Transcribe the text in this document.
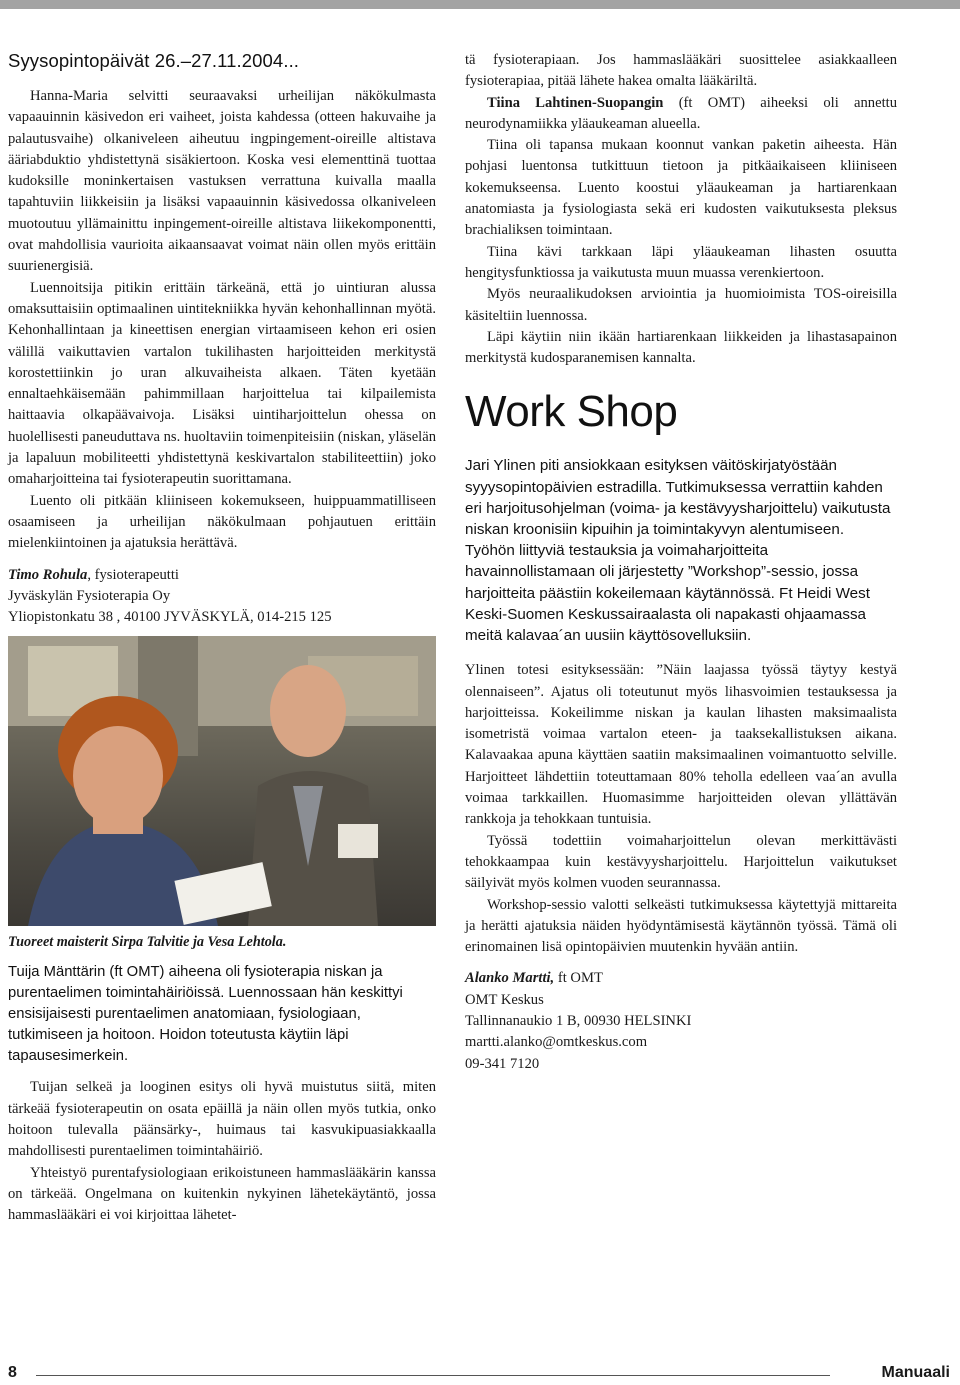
Syysopintopäivät 26.–27.11.2004...

Hanna-Maria selvitti seuraavaksi urheilijan näkökulmasta vapaauinnin käsivedon eri vaiheet, joista kahdessa (otteen hakuvaihe ja palautusvaihe) olkaniveleen aiheutuu ingpingement-oireille altistava ääriabduktio yhdistettynä sisäkiertoon. Koska vesi elementtinä tuottaa kudoksille moninkertaisen vastuksen verrattuna kuivalla maalla tapahtuviin liikkeisiin ja lisäksi vapaauinnin käsivedossa olkaniveleen muotoutuu yllämainittu inpingement-oireille altistava liikekomponentti, ovat mahdollisia vaurioita aikaansaavat voimat näin ollen myös erittäin suurienergisiä.

Luennoitsija pitikin erittäin tärkeänä, että jo uintiuran alussa omaksuttaisiin optimaalinen uintitekniikka hyvän kehonhallinnan myötä. Kehonhallintaan ja kineettisen energian virtaamiseen kehon eri osien välillä vaikuttavien vartalon tukilihasten harjoitteiden merkitystä korostettiinkin jo uran alkuvaiheista alkaen. Täten kyetään ennaltaehkäisemään pahimmillaan harjoittelua tai kilpailemista haittaavia olkapäävaivoja. Lisäksi uintiharjoittelun ohessa on huolellisesti paneuduttava ns. huoltaviin toimenpiteisiin (niskan, yläselän ja lapaluun mobiliteetti yhdistettynä keskivartalon stabiliteettiin) joko omaharjoitteina tai fysioterapeutin suorittamana.

Luento oli pitkään kliiniseen kokemukseen, huippuammatilliseen osaamiseen ja urheilijan näkökulmaan pohjautuen erittäin mielenkiintoinen ja ajatuksia herättävä.

Timo Rohula, fysioterapeutti
Jyväskylän Fysioterapia Oy
Yliopistonkatu 38 , 40100 JYVÄSKYLÄ, 014-215 125
Tuoreet maisterit Sirpa Talvitie ja Vesa Lehtola.
Tuija Mänttärin (ft OMT) aiheena oli fysioterapia niskan ja purentaelimen toimintahäiriöissä. Luennossaan hän keskittyi ensisijaisesti purentaelimen anatomiaan, fysiologiaan, tutkimiseen ja hoitoon. Hoidon toteutusta käytiin läpi tapausesimerkein.

Tuijan selkeä ja looginen esitys oli hyvä muistutus siitä, miten tärkeää fysioterapeutin on osata epäillä ja näin ollen myös tutkia, onko hoitoon tulevalla päänsärky-, huimaus tai kasvukipuasiakkaalla mahdollisesti purentaelimen toimintahäiriö.

Yhteistyö purentafysiologiaan erikoistuneen hammaslääkärin kanssa on tärkeää. Ongelmana on kuitenkin nykyinen lähetekäytäntö, jossa hammaslääkäri ei voi kirjoittaa lähetet-

tä fysioterapiaan. Jos hammaslääkäri suosittelee asiakkaalleen fysioterapiaa, pitää lähete hakea omalta lääkäriltä.

Tiina Lahtinen-Suopangin (ft OMT) aiheeksi oli annettu neurodynamiikka yläaukeaman alueella.

Tiina oli tapansa mukaan koonnut vankan paketin aiheesta. Hän pohjasi luentonsa tutkittuun tietoon ja pitkäaikaiseen kliiniseen kokemukseensa. Luento koostui yläaukeaman ja hartiarenkaan anatomiasta ja fysiologiasta sekä eri kudosten vaikutuksesta pleksus brachialiksen toimintaan.

Tiina kävi tarkkaan läpi yläaukeaman lihasten osuutta hengitysfunktiossa ja vaikutusta muun muassa verenkiertoon.

Myös neuraalikudoksen arviointia ja huomioimista TOS-oireisilla käsiteltiin luennossa.

Läpi käytiin niin ikään hartiarenkaan liikkeiden ja lihastasapainon merkitystä kudosparanemisen kannalta.

Work Shop
Jari Ylinen piti ansiokkaan esityksen väitöskirjatyöstään syyysopintopäivien estradilla. Tutkimuksessa verrattiin kahden eri harjoitusohjelman (voima- ja kestävyysharjoittelu) vaikutusta niskan kroonisiin kipuihin ja toimintakyvyn alentumiseen. Työhön liittyviä testauksia ja voimaharjoitteita havainnollistamaan oli järjestetty ”Workshop”-sessio, jossa harjoitteita päästiin kokeilemaan käytännössä. Ft Heidi West Keski-Suomen Keskussairaalasta oli napakasti ohjaamassa meitä kalavaa´an uusiin käyttösovelluksiin.

Ylinen totesi esityksessään: ”Näin laajassa työssä täytyy kestyä olennaiseen”. Ajatus oli toteutunut myös lihasvoimien testauksessa ja harjoitteissa. Kokeilimme niskan ja kaulan lihasten maksimaalista isometristä voimaa vartalon eteen- ja taaksekallistuksen aikana. Kalavaakaa apuna käyttäen saatiin maksimaalinen voimantuotto selville. Harjoitteet lähdettiin toteuttamaan 80% teholla edelleen vaa´an avulla voimaa tarkkaillen. Huomasimme harjoitteiden olevan yllättävän rankkoja ja tehokkaan tuntuisia.

Työssä todettiin voimaharjoittelun olevan merkittävästi tehokkaampaa kuin kestävyysharjoittelu. Harjoittelun vaikutukset säilyivät myös kolmen vuoden seurannassa.

Workshop-sessio valotti selkeästi tutkimuksessa käytettyjä mittareita ja herätti ajatuksia näiden hyödyntämisestä käytännön työssä. Tämä oli erinomainen lisä opintopäivien muutenkin hyvään antiin.

Alanko Martti, ft OMT
OMT Keskus
Tallinnanaukio 1 B, 00930 HELSINKI
martti.alanko@omtkeskus.com
09-341 7120
8	Manuaali
